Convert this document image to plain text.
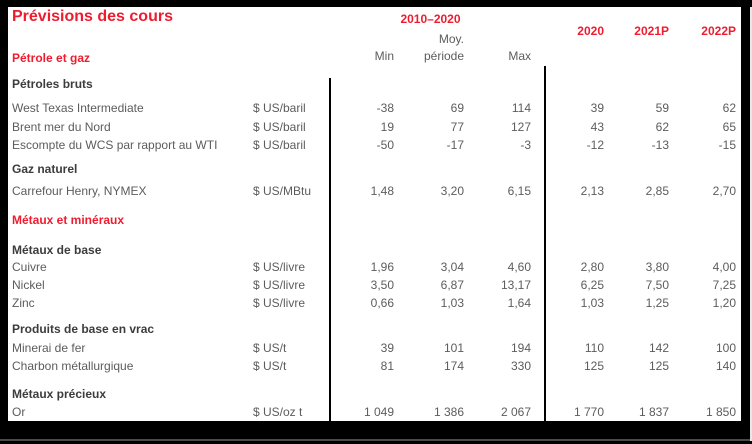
Prévisions des cours	2010–2020
2020	2021P	2022P
Moy.
Min	période	Max
Pétrole et gaz
Pétroles bruts
West Texas Intermediate	$ US/baril	-38	69	114	39	59	62
Brent mer du Nord	$ US/baril	19	77	127	43	62	65
Escompte du WCS par rapport au WTI	$ US/baril	-50	-17	-3	-12	-13	-15
Gaz naturel
Carrefour Henry, NYMEX	$ US/MBtu	1,48	3,20	6,15	2,13	2,85	2,70
Métaux et minéraux
Métaux de base
Cuivre	$ US/livre	1,96	3,04	4,60	2,80	3,80	4,00
Nickel	$ US/livre	3,50	6,87	13,17	6,25	7,50	7,25
Zinc	$ US/livre	0,66	1,03	1,64	1,03	1,25	1,20
Produits de base en vrac
Minerai de fer	$ US/t	39	101	194	110	142	100
Charbon métallurgique	$ US/t	81	174	330	125	125	140
Métaux précieux
Or	$ US/oz t	1 049	1 386	2 067	1 770	1 837	1 850
